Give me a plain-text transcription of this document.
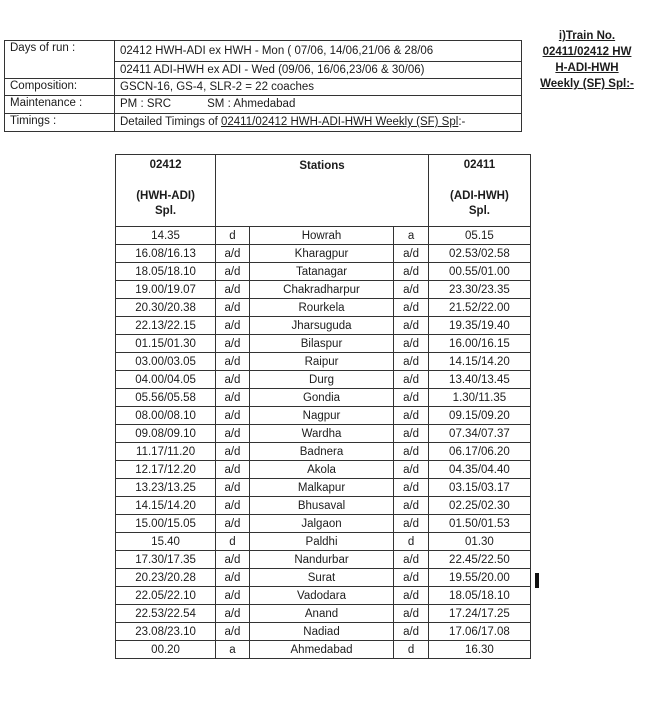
Days of run :	02412 HWH-ADI ex HWH - Mon ( 07/06, 14/06,21/06 & 28/06
	02411 ADI-HWH ex ADI - Wed (09/06, 16/06,23/06 & 30/06)
Composition:	GSCN-16, GS-4, SLR-2 = 22 coaches
Maintenance :	PM : SRC SM : Ahmedabad
Timings :	Detailed Timings of 02411/02412 HWH-ADI-HWH Weekly (SF) Spl:-
i)Train No.
02411/02412 HW
H-ADI-HWH
Weekly (SF) Spl:-
02412
(HWH-ADI)
Spl.
	Stations	02411
(ADI-HWH)
Spl.

14.35	d	Howrah	a	05.15
16.08/16.13	a/d	Kharagpur	a/d	02.53/02.58
18.05/18.10	a/d	Tatanagar	a/d	00.55/01.00
19.00/19.07	a/d	Chakradharpur	a/d	23.30/23.35
20.30/20.38	a/d	Rourkela	a/d	21.52/22.00
22.13/22.15	a/d	Jharsuguda	a/d	19.35/19.40
01.15/01.30	a/d	Bilaspur	a/d	16.00/16.15
03.00/03.05	a/d	Raipur	a/d	14.15/14.20
04.00/04.05	a/d	Durg	a/d	13.40/13.45
05.56/05.58	a/d	Gondia	a/d	1.30/11.35
08.00/08.10	a/d	Nagpur	a/d	09.15/09.20
09.08/09.10	a/d	Wardha	a/d	07.34/07.37
11.17/11.20	a/d	Badnera	a/d	06.17/06.20
12.17/12.20	a/d	Akola	a/d	04.35/04.40
13.23/13.25	a/d	Malkapur	a/d	03.15/03.17
14.15/14.20	a/d	Bhusaval	a/d	02.25/02.30
15.00/15.05	a/d	Jalgaon	a/d	01.50/01.53
15.40	d	Paldhi	d	01.30
17.30/17.35	a/d	Nandurbar	a/d	22.45/22.50
20.23/20.28	a/d	Surat	a/d	19.55/20.00
22.05/22.10	a/d	Vadodara	a/d	18.05/18.10
22.53/22.54	a/d	Anand	a/d	17.24/17.25
23.08/23.10	a/d	Nadiad	a/d	17.06/17.08
00.20	a	Ahmedabad	d	16.30
